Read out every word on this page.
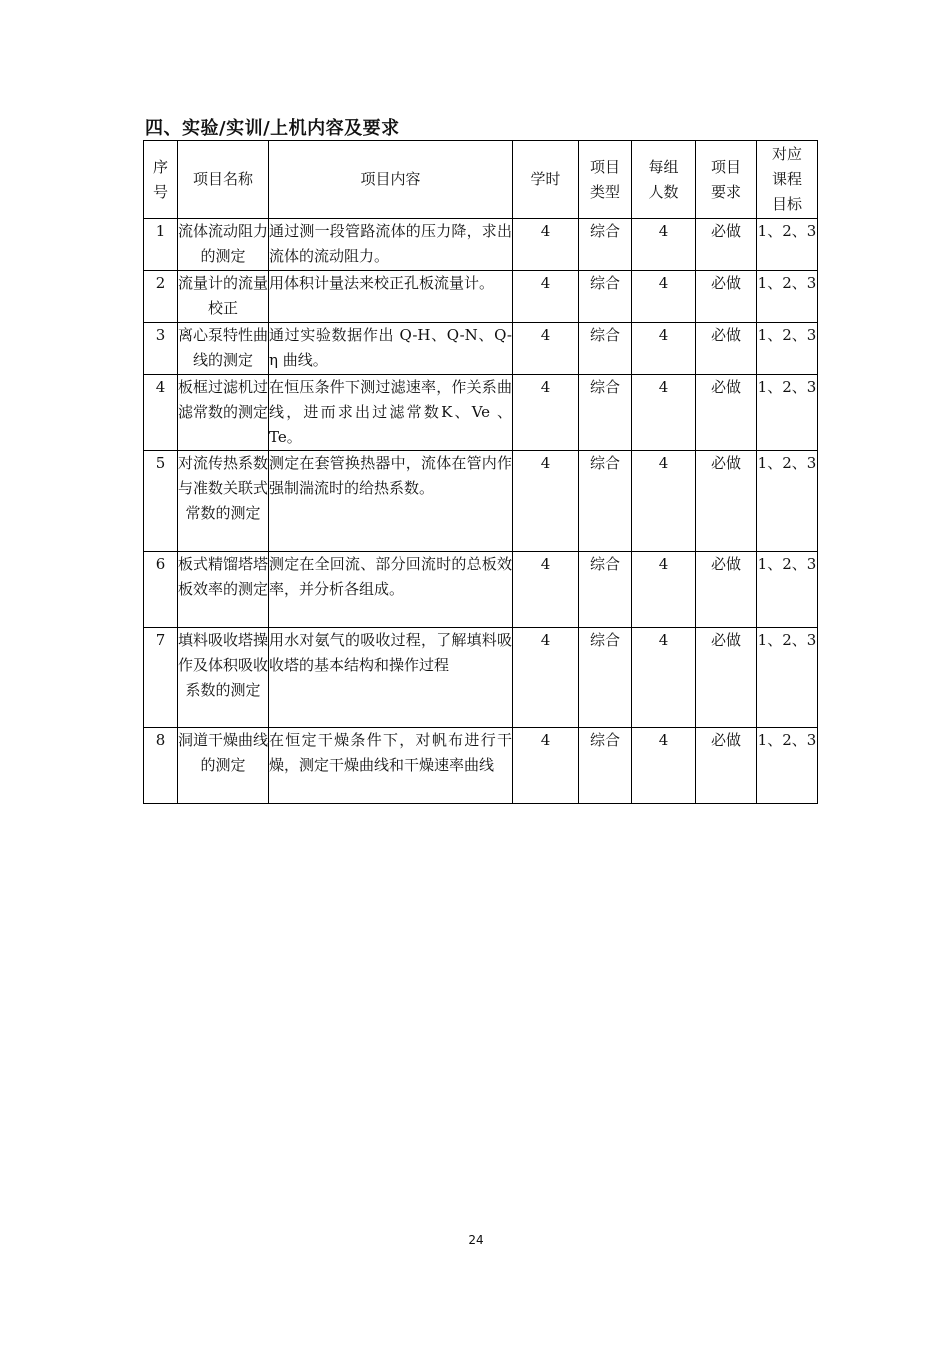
四、实验/实训/上机内容及要求
序号	项目名称	项目内容	学时	项目类型	每组人数	项目要求	对应课程目标

1	流体流动阻力的测定	通过测一段管路流体的压力降，求出流体的流动阻力。	4	综合	4	必做	1、2、3
2	流量计的流量校正	用体积计量法来校正孔板流量计。	4	综合	4	必做	1、2、3
3	离心泵特性曲线的测定	通过实验数据作出 Q-H、Q-N、Q-η 曲线。	4	综合	4	必做	1、2、3
4	板框过滤机过滤常数的测定	在恒压条件下测过滤速率，作关系曲线，进而求出过滤常数K、Ve 、Te。	4	综合	4	必做	1、2、3
5	对流传热系数与准数关联式常数的测定	测定在套管换热器中，流体在管内作强制湍流时的给热系数。	4	综合	4	必做	1、2、3
6	板式精馏塔塔板效率的测定	测定在全回流、部分回流时的总板效率，并分析各组成。	4	综合	4	必做	1、2、3
7	填料吸收塔操作及体积吸收系数的测定	用水对氨气的吸收过程，了解填料吸收塔的基本结构和操作过程	4	综合	4	必做	1、2、3
8	洞道干燥曲线的测定	在恒定干燥条件下，对帆布进行干燥，测定干燥曲线和干燥速率曲线	4	综合	4	必做	1、2、3
24
